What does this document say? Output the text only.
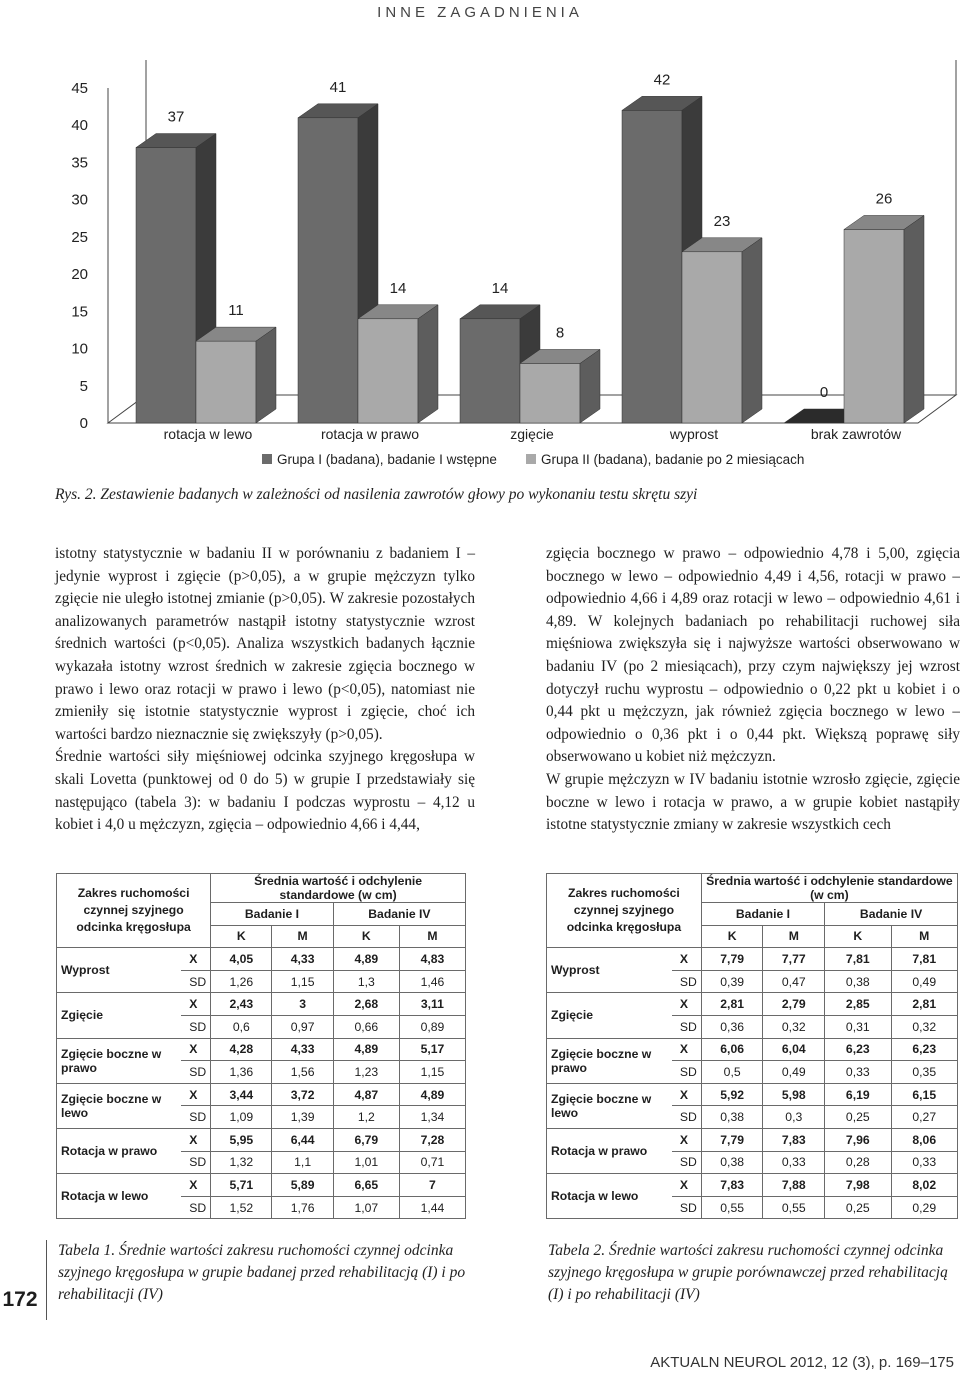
INNE ZAGADNIENIA
0
5
10
15
20
25
30
35
40
45
37
11
rotacja w lewo
41
14
rotacja w prawo
14
8
zgięcie
42
23
wyprost
0
26
brak zawrotów
Grupa I (badana), badanie I wstępne	Grupa II (badana), badanie po 2 miesiącach
Rys. 2. Zestawienie badanych w zależności od nasilenia zawrotów głowy po wykonaniu testu skrętu szyi

istotny statystycznie w badaniu II w porównaniu z badaniem I – jedynie wyprost i zgięcie (p>0,05), a w grupie mężczyzn tylko zgięcie nie uległo istotnej zmianie (p>0,05). W zakresie pozostałych analizowanych parametrów nastąpił istotny statystycznie wzrost średnich wartości (p<0,05). Analiza wszystkich badanych łącznie wykazała istotny wzrost średnich w zakresie zgięcia bocznego w prawo i lewo oraz rotacji w prawo i lewo (p<0,05), natomiast nie zmieniły się istotnie statystycznie wyprost i zgięcie, choć ich wartości bardzo nieznacznie się zwiększyły (p>0,05).

Średnie wartości siły mięśniowej odcinka szyjnego kręgosłupa w skali Lovetta (punktowej od 0 do 5) w grupie I przedstawiały się następująco (tabela 3): w badaniu I podczas wyprostu – 4,12 u kobiet i 4,0 u mężczyzn, zgięcia – odpowiednio 4,66 i 4,44,

zgięcia bocznego w prawo – odpowiednio 4,78 i 5,00, zgięcia bocznego w lewo – odpowiednio 4,49 i 4,56, rotacji w prawo – odpowiednio 4,66 i 4,89 oraz rotacji w lewo – odpowiednio 4,61 i 4,89. W kolejnych badaniach po rehabilitacji ruchowej siła mięśniowa zwiększyła się i najwyższe wartości obserwowano w badaniu IV (po 2 miesiącach), przy czym największy jej wzrost dotyczył ruchu wyprostu – odpowiednio o 0,22 pkt u kobiet i o 0,44 pkt u mężczyzn, jak również zgięcia bocznego w lewo – odpowiednio o 0,36 pkt i o 0,44 pkt. Większą poprawę siły obserwowano u kobiet niż mężczyzn.

W grupie mężczyzn w IV badaniu istotnie wzrosło zgięcie, zgięcie boczne w lewo i rotacja w prawo, a w grupie kobiet nastąpiły istotne statystycznie zmiany w zakresie wszystkich cech

Zakres ruchomości czynnej szyjnego odcinka kręgosłupa		Średnia wartość i odchylenie standardowe (w cm)			
		Badanie I		Badanie IV	
		K	M	K	M
Wyprost	X	4,05	4,33	4,89	4,83
	SD	1,26	1,15	1,3	1,46
Zgięcie	X	2,43	3	2,68	3,11
	SD	0,6	0,97	0,66	0,89
Zgięcie boczne w prawo	X	4,28	4,33	4,89	5,17
	SD	1,36	1,56	1,23	1,15
Zgięcie boczne w lewo	X	3,44	3,72	4,87	4,89
	SD	1,09	1,39	1,2	1,34
Rotacja w prawo	X	5,95	6,44	6,79	7,28
	SD	1,32	1,1	1,01	0,71
Rotacja w lewo	X	5,71	5,89	6,65	7
	SD	1,52	1,76	1,07	1,44
Zakres ruchomości czynnej szyjnego odcinka kręgosłupa		Średnia wartość i odchylenie standardowe (w cm)			
		Badanie I		Badanie IV	
		K	M	K	M
Wyprost	X	7,79	7,77	7,81	7,81
	SD	0,39	0,47	0,38	0,49
Zgięcie	X	2,81	2,79	2,85	2,81
	SD	0,36	0,32	0,31	0,32
Zgięcie boczne w prawo	X	6,06	6,04	6,23	6,23
	SD	0,5	0,49	0,33	0,35
Zgięcie boczne w lewo	X	5,92	5,98	6,19	6,15
	SD	0,38	0,3	0,25	0,27
Rotacja w prawo	X	7,79	7,83	7,96	8,06
	SD	0,38	0,33	0,28	0,33
Rotacja w lewo	X	7,83	7,88	7,98	8,02
	SD	0,55	0,55	0,25	0,29
Tabela 1. Średnie wartości zakresu ruchomości czynnej odcinka szyjnego kręgosłupa w grupie badanej przed rehabilitacją (I) i po rehabilitacji (IV)
Tabela 2. Średnie wartości zakresu ruchomości czynnej odcinka szyjnego kręgosłupa w grupie porównawczej przed rehabilitacją (I) i po rehabilitacji (IV)
172
AKTUALN NEUROL 2012, 12 (3), p. 169–175
